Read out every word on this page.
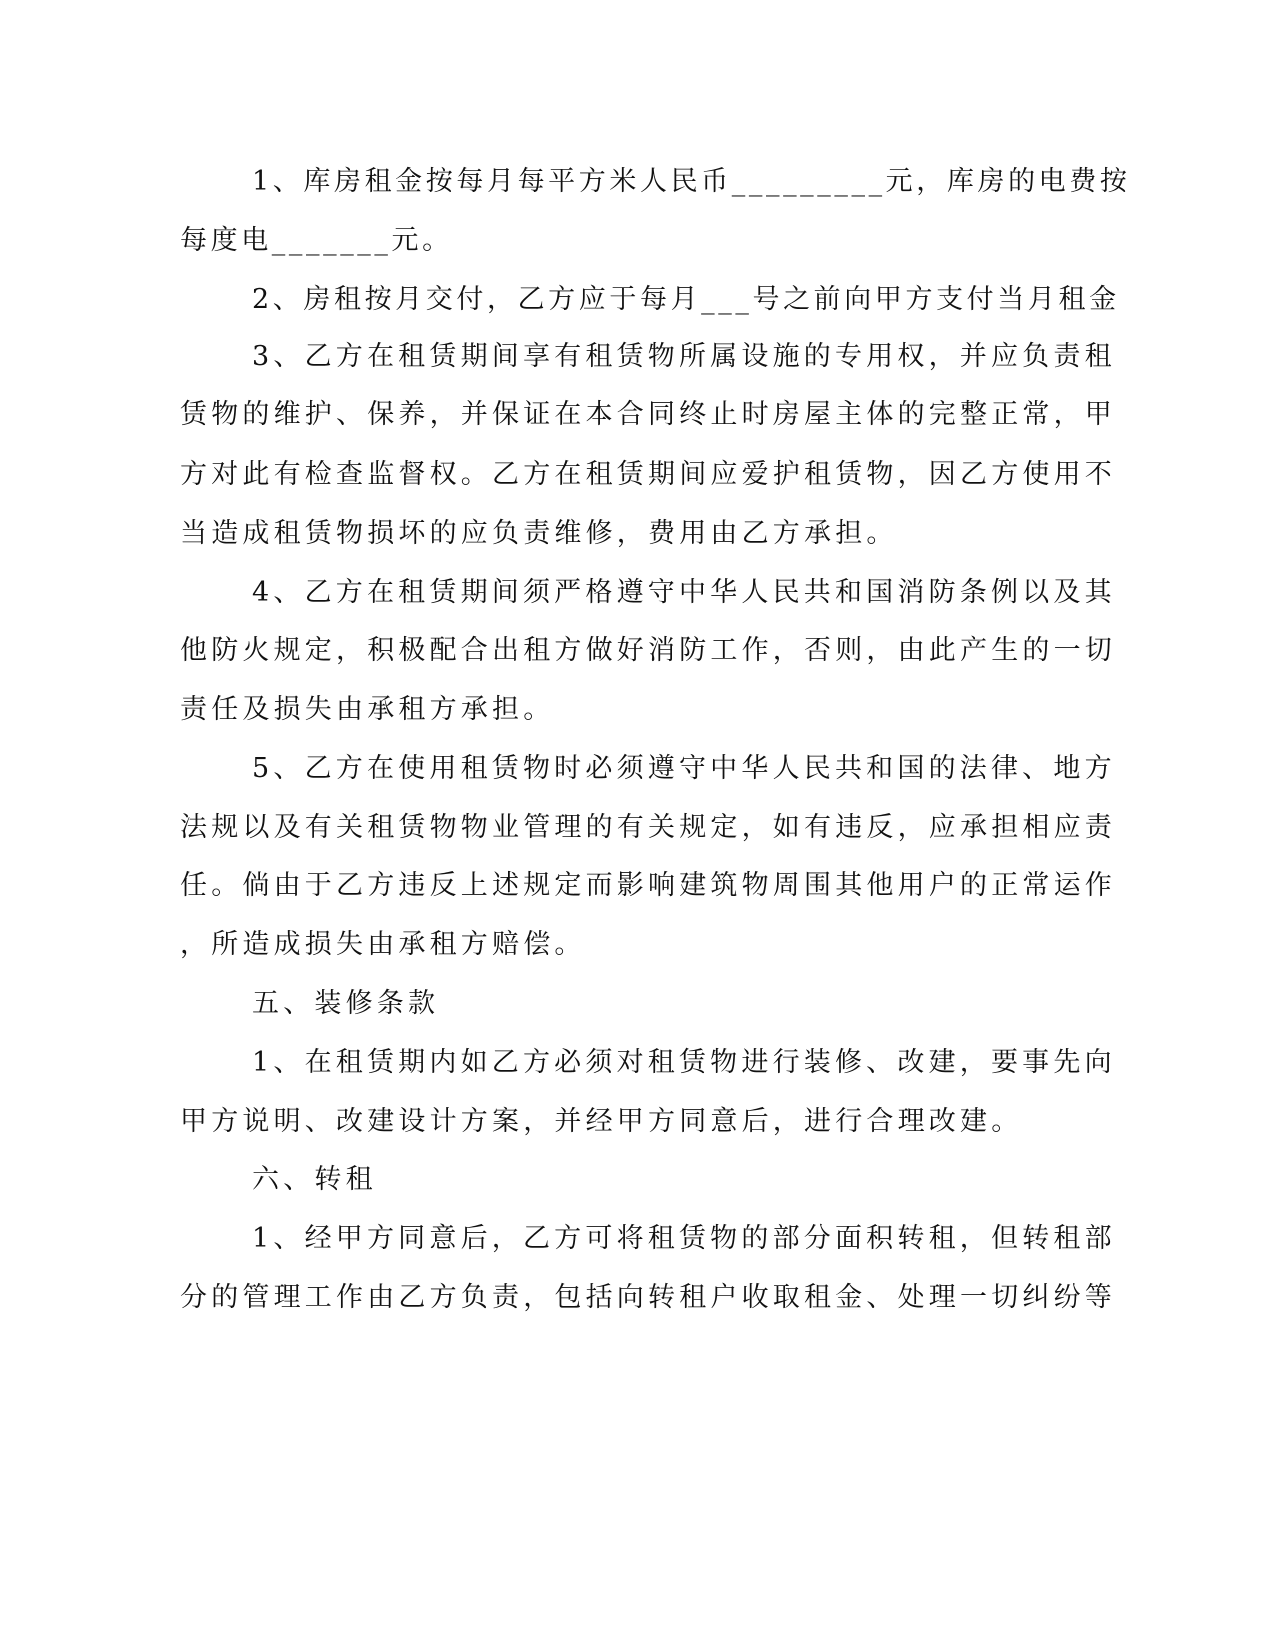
1、库房租金按每月每平方米人民币_________元，库房的电费按
每度电_______元。
2、房租按月交付，乙方应于每月___号之前向甲方支付当月租金
3、乙方在租赁期间享有租赁物所属设施的专用权，并应负责租
赁物的维护、保养，并保证在本合同终止时房屋主体的完整正常，甲
方对此有检查监督权。乙方在租赁期间应爱护租赁物，因乙方使用不
当造成租赁物损坏的应负责维修，费用由乙方承担。
4、乙方在租赁期间须严格遵守中华人民共和国消防条例以及其
他防火规定，积极配合出租方做好消防工作，否则，由此产生的一切
责任及损失由承租方承担。
5、乙方在使用租赁物时必须遵守中华人民共和国的法律、地方
法规以及有关租赁物物业管理的有关规定，如有违反，应承担相应责
任。倘由于乙方违反上述规定而影响建筑物周围其他用户的正常运作
，所造成损失由承租方赔偿。
五、装修条款
1、在租赁期内如乙方必须对租赁物进行装修、改建，要事先向
甲方说明、改建设计方案，并经甲方同意后，进行合理改建。
六、转租
1、经甲方同意后，乙方可将租赁物的部分面积转租，但转租部
分的管理工作由乙方负责，包括向转租户收取租金、处理一切纠纷等
